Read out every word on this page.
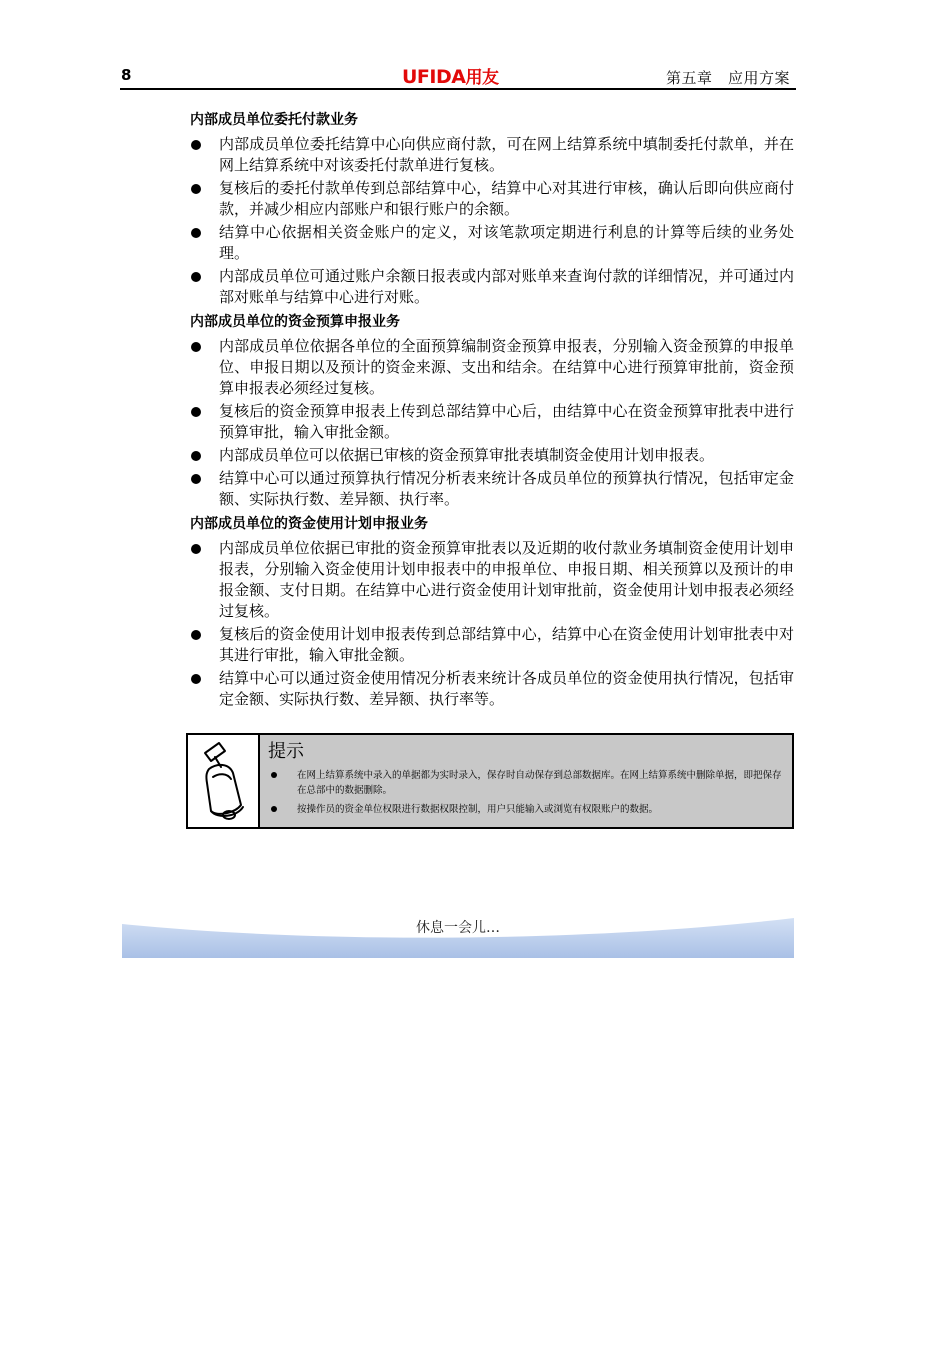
8	UFIDA用友	第五章　应用方案
内部成员单位委托付款业务
内部成员单位委托结算中心向供应商付款，可在网上结算系统中填制委托付款单，并在网上结算系统中对该委托付款单进行复核。
复核后的委托付款单传到总部结算中心，结算中心对其进行审核，确认后即向供应商付款，并减少相应内部账户和银行账户的余额。
结算中心依据相关资金账户的定义，对该笔款项定期进行利息的计算等后续的业务处理。
内部成员单位可通过账户余额日报表或内部对账单来查询付款的详细情况，并可通过内部对账单与结算中心进行对账。
内部成员单位的资金预算申报业务
内部成员单位依据各单位的全面预算编制资金预算申报表，分别输入资金预算的申报单位、申报日期以及预计的资金来源、支出和结余。在结算中心进行预算审批前，资金预算申报表必须经过复核。
复核后的资金预算申报表上传到总部结算中心后，由结算中心在资金预算审批表中进行预算审批，输入审批金额。
内部成员单位可以依据已审核的资金预算审批表填制资金使用计划申报表。
结算中心可以通过预算执行情况分析表来统计各成员单位的预算执行情况，包括审定金额、实际执行数、差异额、执行率。
内部成员单位的资金使用计划申报业务
内部成员单位依据已审批的资金预算审批表以及近期的收付款业务填制资金使用计划申报表，分别输入资金使用计划申报表中的申报单位、申报日期、相关预算以及预计的申报金额、支付日期。在结算中心进行资金使用计划审批前，资金使用计划申报表必须经过复核。
复核后的资金使用计划申报表传到总部结算中心，结算中心在资金使用计划审批表中对其进行审批，输入审批金额。
结算中心可以通过资金使用情况分析表来统计各成员单位的资金使用执行情况，包括审定金额、实际执行数、差异额、执行率等。
提示
在网上结算系统中录入的单据都为实时录入，保存时自动保存到总部数据库。在网上结算系统中删除单据，即把保存在总部中的数据删除。
按操作员的资金单位权限进行数据权限控制，用户只能输入或浏览有权限账户的数据。
休息一会儿…
